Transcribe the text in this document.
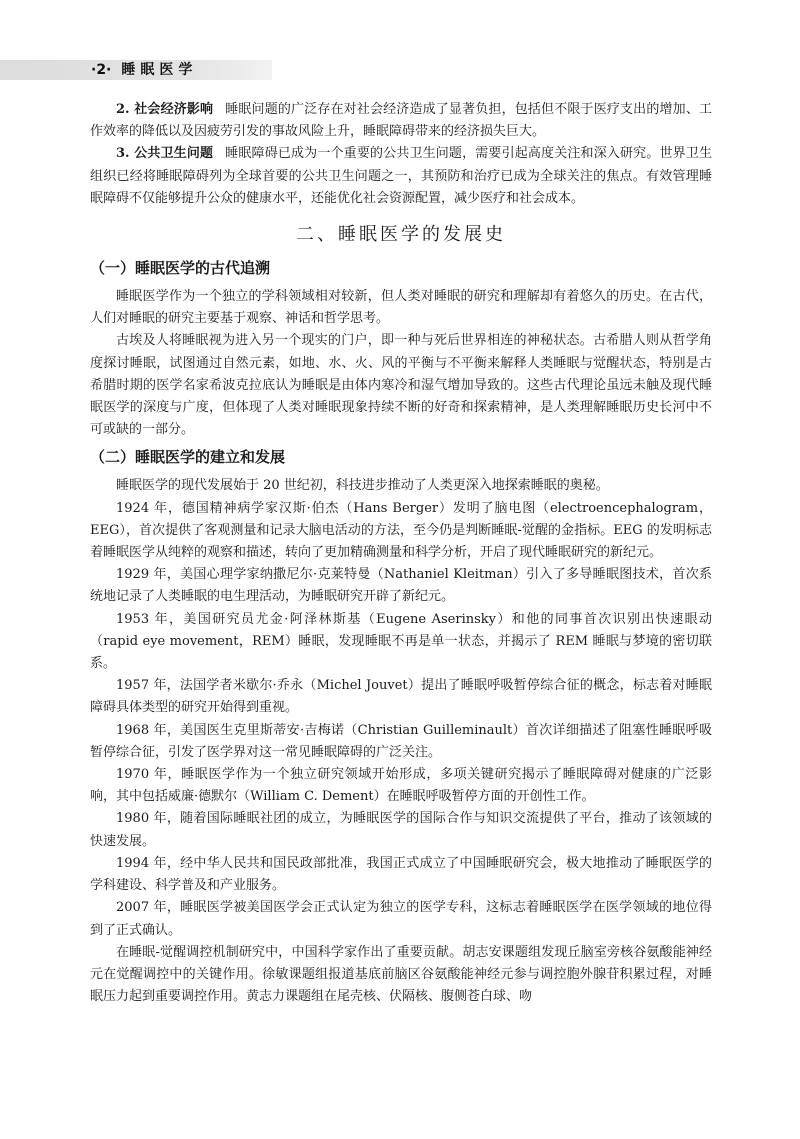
·2· 睡眠医学

2. 社会经济影响 睡眠问题的广泛存在对社会经济造成了显著负担，包括但不限于医疗支出的增加、工作效率的降低以及因疲劳引发的事故风险上升，睡眠障碍带来的经济损失巨大。

3. 公共卫生问题 睡眠障碍已成为一个重要的公共卫生问题，需要引起高度关注和深入研究。世界卫生组织已经将睡眠障碍列为全球首要的公共卫生问题之一，其预防和治疗已成为全球关注的焦点。有效管理睡眠障碍不仅能够提升公众的健康水平，还能优化社会资源配置，减少医疗和社会成本。

二、睡眠医学的发展史
（一）睡眠医学的古代追溯

睡眠医学作为一个独立的学科领域相对较新，但人类对睡眠的研究和理解却有着悠久的历史。在古代，人们对睡眠的研究主要基于观察、神话和哲学思考。

古埃及人将睡眠视为进入另一个现实的门户，即一种与死后世界相连的神秘状态。古希腊人则从哲学角度探讨睡眠，试图通过自然元素，如地、水、火、风的平衡与不平衡来解释人类睡眠与觉醒状态，特别是古希腊时期的医学名家希波克拉底认为睡眠是由体内寒冷和湿气增加导致的。这些古代理论虽远未触及现代睡眠医学的深度与广度，但体现了人类对睡眠现象持续不断的好奇和探索精神，是人类理解睡眠历史长河中不可或缺的一部分。

（二）睡眠医学的建立和发展

睡眠医学的现代发展始于 20 世纪初，科技进步推动了人类更深入地探索睡眠的奥秘。

1924 年，德国精神病学家汉斯·伯杰（Hans Berger）发明了脑电图（electroencephalogram，EEG），首次提供了客观测量和记录大脑电活动的方法，至今仍是判断睡眠-觉醒的金指标。EEG 的发明标志着睡眠医学从纯粹的观察和描述，转向了更加精确测量和科学分析，开启了现代睡眠研究的新纪元。

1929 年，美国心理学家纳撒尼尔·克莱特曼（Nathaniel Kleitman）引入了多导睡眠图技术，首次系统地记录了人类睡眠的电生理活动，为睡眠研究开辟了新纪元。

1953 年，美国研究员尤金·阿泽林斯基（Eugene Aserinsky）和他的同事首次识别出快速眼动（rapid eye movement，REM）睡眠，发现睡眠不再是单一状态，并揭示了 REM 睡眠与梦境的密切联系。

1957 年，法国学者米歇尔·乔永（Michel Jouvet）提出了睡眠呼吸暂停综合征的概念，标志着对睡眠障碍具体类型的研究开始得到重视。

1968 年，美国医生克里斯蒂安·吉梅诺（Christian Guilleminault）首次详细描述了阻塞性睡眠呼吸暂停综合征，引发了医学界对这一常见睡眠障碍的广泛关注。

1970 年，睡眠医学作为一个独立研究领域开始形成，多项关键研究揭示了睡眠障碍对健康的广泛影响，其中包括威廉·德默尔（William C. Dement）在睡眠呼吸暂停方面的开创性工作。

1980 年，随着国际睡眠社团的成立，为睡眠医学的国际合作与知识交流提供了平台，推动了该领域的快速发展。

1994 年，经中华人民共和国民政部批准，我国正式成立了中国睡眠研究会，极大地推动了睡眠医学的学科建设、科学普及和产业服务。

2007 年，睡眠医学被美国医学会正式认定为独立的医学专科，这标志着睡眠医学在医学领域的地位得到了正式确认。

在睡眠-觉醒调控机制研究中，中国科学家作出了重要贡献。胡志安课题组发现丘脑室旁核谷氨酸能神经元在觉醒调控中的关键作用。徐敏课题组报道基底前脑区谷氨酸能神经元参与调控胞外腺苷积累过程，对睡眠压力起到重要调控作用。黄志力课题组在尾壳核、伏隔核、腹侧苍白球、吻
